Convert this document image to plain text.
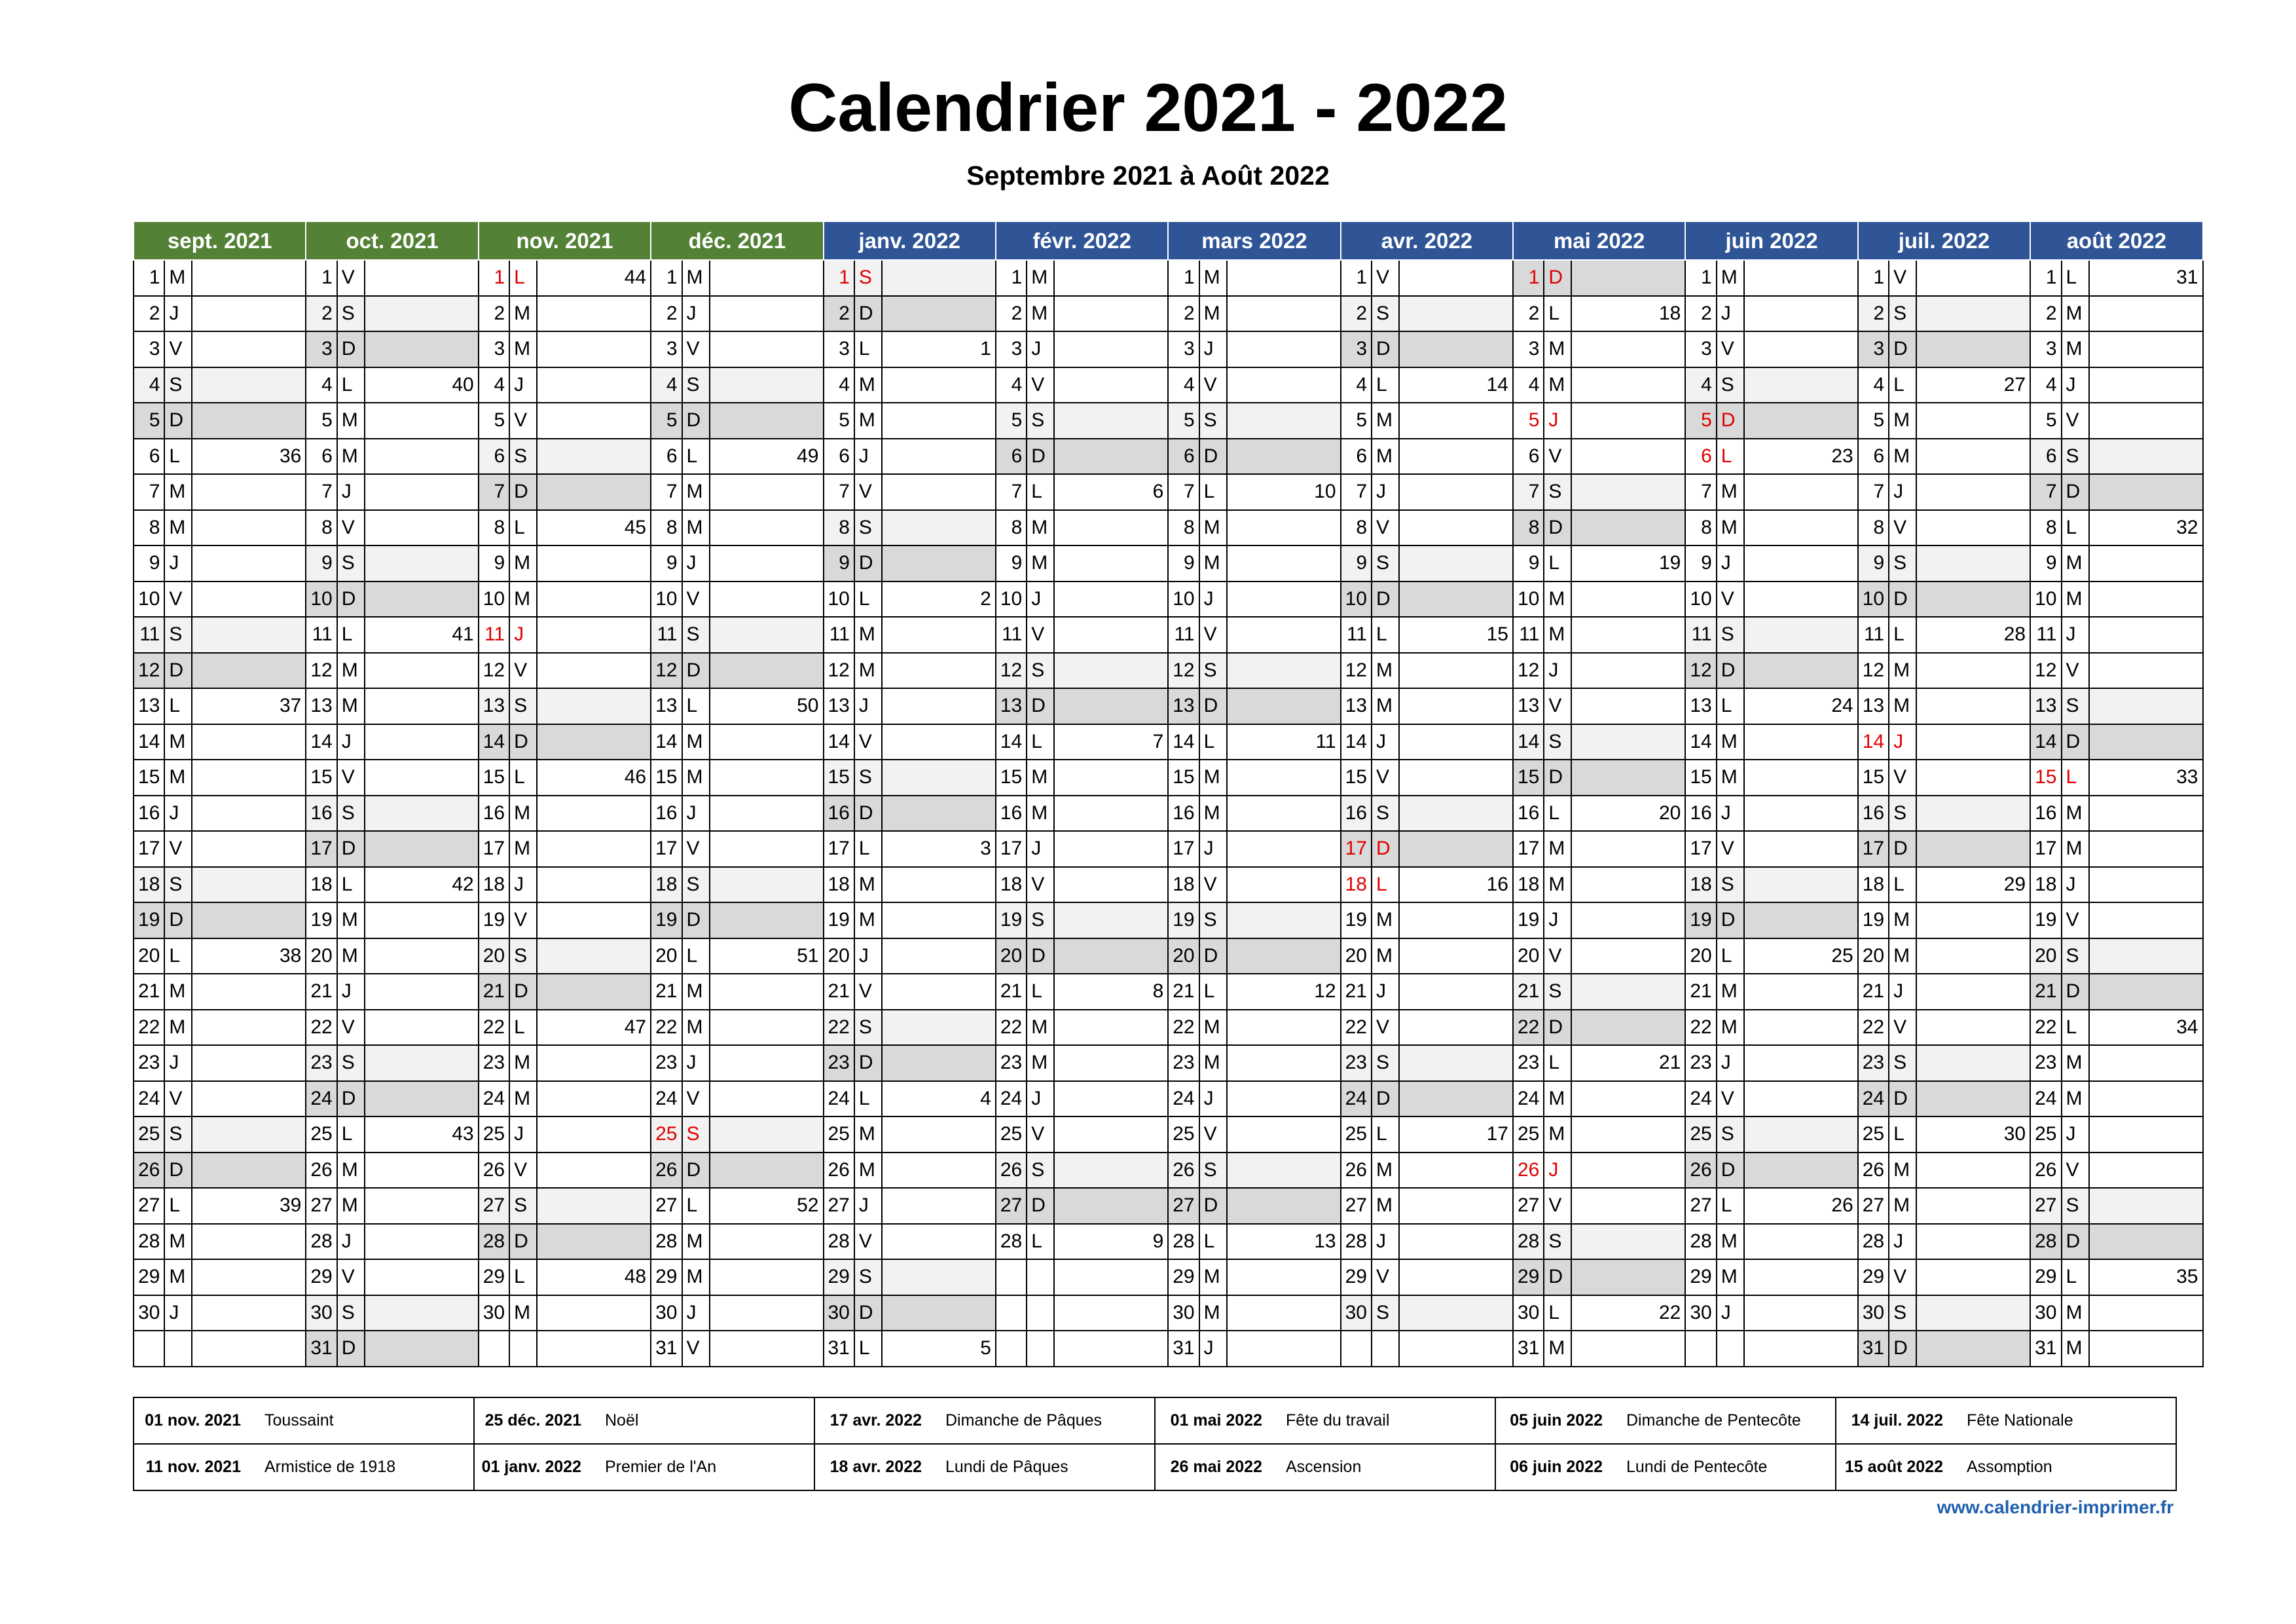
Calendrier 2021 - 2022
Septembre 2021 à Août 2022
sept. 2021			oct. 2021			nov. 2021			déc. 2021			janv. 2022			févr. 2022			mars 2022			avr. 2022			mai 2022			juin 2022			juil. 2022			août 2022		
1	M		1	V		1	L	44	1	M		1	S		1	M		1	M		1	V		1	D		1	M		1	V		1	L	31
2	J		2	S		2	M		2	J		2	D		2	M		2	M		2	S		2	L	18	2	J		2	S		2	M	
3	V		3	D		3	M		3	V		3	L	1	3	J		3	J		3	D		3	M		3	V		3	D		3	M	
4	S		4	L	40	4	J		4	S		4	M		4	V		4	V		4	L	14	4	M		4	S		4	L	27	4	J	
5	D		5	M		5	V		5	D		5	M		5	S		5	S		5	M		5	J		5	D		5	M		5	V	
6	L	36	6	M		6	S		6	L	49	6	J		6	D		6	D		6	M		6	V		6	L	23	6	M		6	S	
7	M		7	J		7	D		7	M		7	V		7	L	6	7	L	10	7	J		7	S		7	M		7	J		7	D	
8	M		8	V		8	L	45	8	M		8	S		8	M		8	M		8	V		8	D		8	M		8	V		8	L	32
9	J		9	S		9	M		9	J		9	D		9	M		9	M		9	S		9	L	19	9	J		9	S		9	M	
10	V		10	D		10	M		10	V		10	L	2	10	J		10	J		10	D		10	M		10	V		10	D		10	M	
11	S		11	L	41	11	J		11	S		11	M		11	V		11	V		11	L	15	11	M		11	S		11	L	28	11	J	
12	D		12	M		12	V		12	D		12	M		12	S		12	S		12	M		12	J		12	D		12	M		12	V	
13	L	37	13	M		13	S		13	L	50	13	J		13	D		13	D		13	M		13	V		13	L	24	13	M		13	S	
14	M		14	J		14	D		14	M		14	V		14	L	7	14	L	11	14	J		14	S		14	M		14	J		14	D	
15	M		15	V		15	L	46	15	M		15	S		15	M		15	M		15	V		15	D		15	M		15	V		15	L	33
16	J		16	S		16	M		16	J		16	D		16	M		16	M		16	S		16	L	20	16	J		16	S		16	M	
17	V		17	D		17	M		17	V		17	L	3	17	J		17	J		17	D		17	M		17	V		17	D		17	M	
18	S		18	L	42	18	J		18	S		18	M		18	V		18	V		18	L	16	18	M		18	S		18	L	29	18	J	
19	D		19	M		19	V		19	D		19	M		19	S		19	S		19	M		19	J		19	D		19	M		19	V	
20	L	38	20	M		20	S		20	L	51	20	J		20	D		20	D		20	M		20	V		20	L	25	20	M		20	S	
21	M		21	J		21	D		21	M		21	V		21	L	8	21	L	12	21	J		21	S		21	M		21	J		21	D	
22	M		22	V		22	L	47	22	M		22	S		22	M		22	M		22	V		22	D		22	M		22	V		22	L	34
23	J		23	S		23	M		23	J		23	D		23	M		23	M		23	S		23	L	21	23	J		23	S		23	M	
24	V		24	D		24	M		24	V		24	L	4	24	J		24	J		24	D		24	M		24	V		24	D		24	M	
25	S		25	L	43	25	J		25	S		25	M		25	V		25	V		25	L	17	25	M		25	S		25	L	30	25	J	
26	D		26	M		26	V		26	D		26	M		26	S		26	S		26	M		26	J		26	D		26	M		26	V	
27	L	39	27	M		27	S		27	L	52	27	J		27	D		27	D		27	M		27	V		27	L	26	27	M		27	S	
28	M		28	J		28	D		28	M		28	V		28	L	9	28	L	13	28	J		28	S		28	M		28	J		28	D	
29	M		29	V		29	L	48	29	M		29	S					29	M		29	V		29	D		29	M		29	V		29	L	35
30	J		30	S		30	M		30	J		30	D					30	M		30	S		30	L	22	30	J		30	S		30	M	
			31	D					31	V		31	L	5				31	J					31	M					31	D		31	M	
01 nov. 2021	Toussaint	25 déc. 2021	Noël	17 avr. 2022	Dimanche de Pâques	01 mai 2022	Fête du travail	05 juin 2022	Dimanche de Pentecôte	14 juil. 2022	Fête Nationale
11 nov. 2021	Armistice de 1918	01 janv. 2022	Premier de l'An	18 avr. 2022	Lundi de Pâques	26 mai 2022	Ascension	06 juin 2022	Lundi de Pentecôte	15 août 2022	Assomption
www.calendrier-imprimer.fr
